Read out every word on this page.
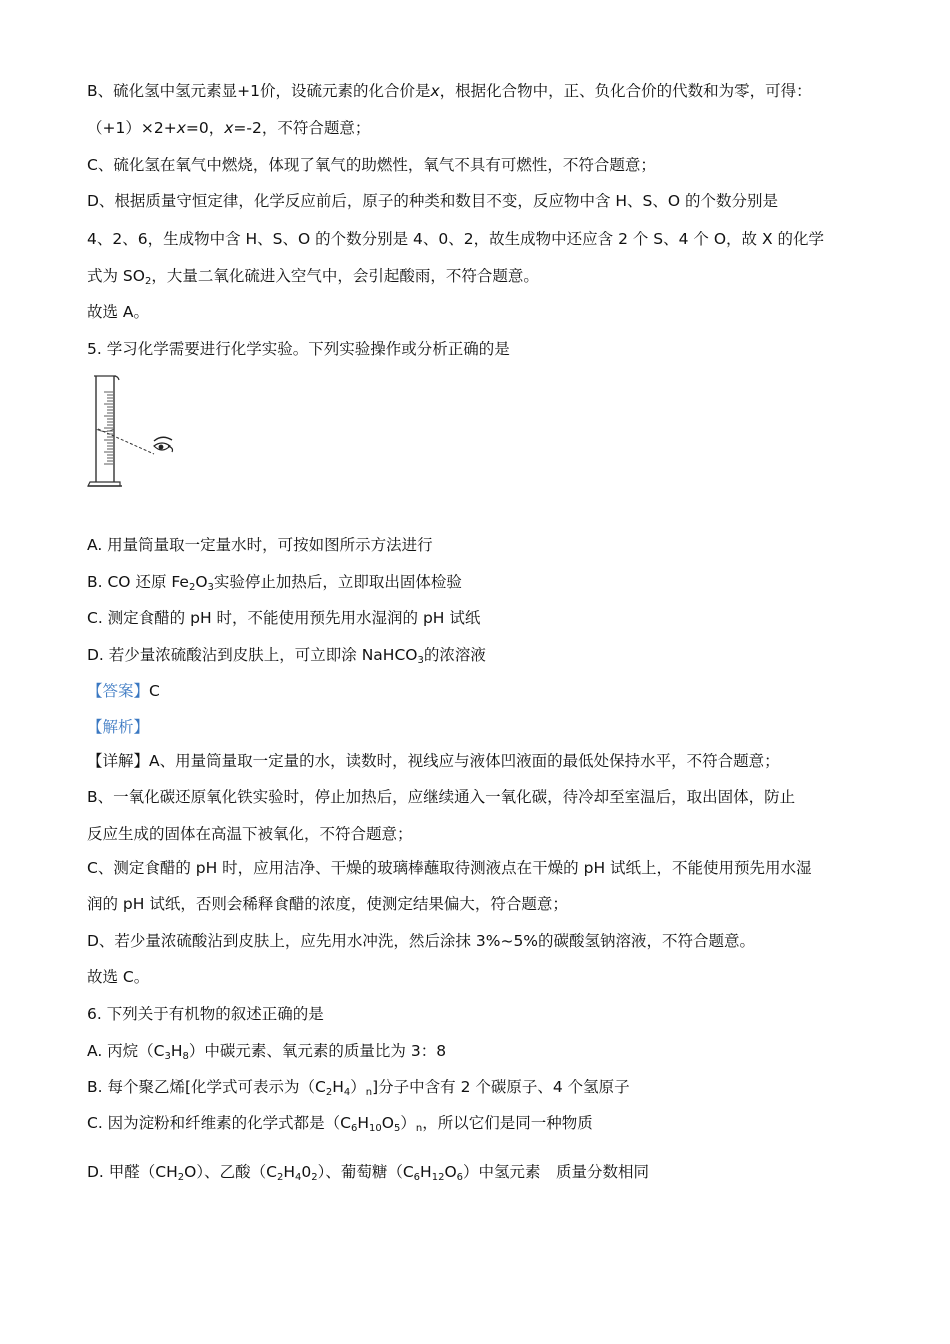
B、硫化氢中氢元素显+1价，设硫元素的化合价是x，根据化合物中，正、负化合价的代数和为零，可得：
（+1）×2+x=0，x=-2，不符合题意；
C、硫化氢在氧气中燃烧，体现了氧气的助燃性，氧气不具有可燃性，不符合题意；
D、根据质量守恒定律，化学反应前后，原子的种类和数目不变，反应物中含 H、S、O 的个数分别是
4、2、6，生成物中含 H、S、O 的个数分别是 4、0、2，故生成物中还应含 2 个 S、4 个 O，故 X 的化学
式为 $SO_2$，大量二氧化硫进入空气中，会引起酸雨，不符合题意。
故选 A。
5. 学习化学需要进行化学实验。下列实验操作或分析正确的是
A. 用量筒量取一定量水时，可按如图所示方法进行
B. CO 还原 $Fe_2O_3$实验停止加热后，立即取出固体检验
C. 测定食醋的 pH 时，不能使用预先用水湿润的 pH 试纸
D. 若少量浓硫酸沾到皮肤上，可立即涂 NaHCO$_3$的浓溶液
【答案】C
【解析】
【详解】A、用量筒量取一定量的水，读数时，视线应与液体凹液面的最低处保持水平，不符合题意；
B、一氧化碳还原氧化铁实验时，停止加热后，应继续通入一氧化碳，待冷却至室温后，取出固体，防止
反应生成的固体在高温下被氧化，不符合题意；
C、测定食醋的 pH 时，应用洁净、干燥的玻璃棒蘸取待测液点在干燥的 pH 试纸上，不能使用预先用水湿
润的 pH 试纸，否则会稀释食醋的浓度，使测定结果偏大，符合题意；
D、若少量浓硫酸沾到皮肤上，应先用水冲洗，然后涂抹 3%~5%的碳酸氢钠溶液，不符合题意。
故选 C。
6. 下列关于有机物的叙述正确的是
A. 丙烷$(C_3H_8)$中碳元素、氧元素的质量比为 3：8
B. 每个聚乙烯[化学式可表示为$(C_2H_4)_n$]分子中含有 2 个碳原子、4 个氢原子
C. 因为淀粉和纤维素的化学式都是$(C_6H_{10}O_5)_n$，所以它们是同一种物质
D. 甲醛$(CH_2O)$、乙酸$(C_2H_40_2)$、葡萄糖$(C_6H_{12}O_6)$中氢元素　质量分数相同
